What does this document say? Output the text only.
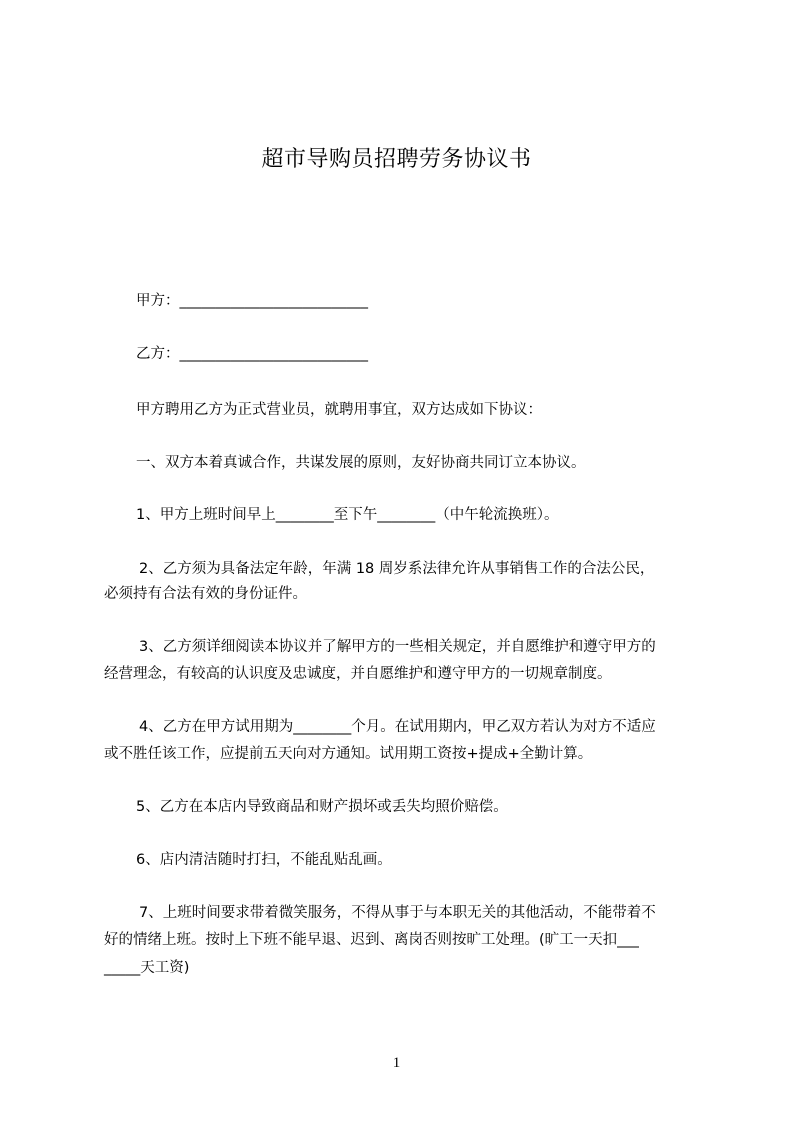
超市导购员招聘劳务协议书
甲方：__________________________
乙方：__________________________
甲方聘用乙方为正式营业员，就聘用事宜，双方达成如下协议：
一、双方本着真诚合作，共谋发展的原则，友好协商共同订立本协议。
1、甲方上班时间早上________至下午________（中午轮流换班）。
2、乙方须为具备法定年龄，年满 18 周岁系法律允许从事销售工作的合法公民，
必须持有合法有效的身份证件。
3、乙方须详细阅读本协议并了解甲方的一些相关规定，并自愿维护和遵守甲方的
经营理念，有较高的认识度及忠诚度，并自愿维护和遵守甲方的一切规章制度。
4、乙方在甲方试用期为________个月。在试用期内，甲乙双方若认为对方不适应
或不胜任该工作，应提前五天向对方通知。试用期工资按+提成+全勤计算。
5、乙方在本店内导致商品和财产损坏或丢失均照价赔偿。
6、店内清洁随时打扫，不能乱贴乱画。
7、上班时间要求带着微笑服务，不得从事于与本职无关的其他活动，不能带着不
好的情绪上班。按时上下班不能早退、迟到、离岗否则按旷工处理。(旷工一天扣___
_____天工资)
1
